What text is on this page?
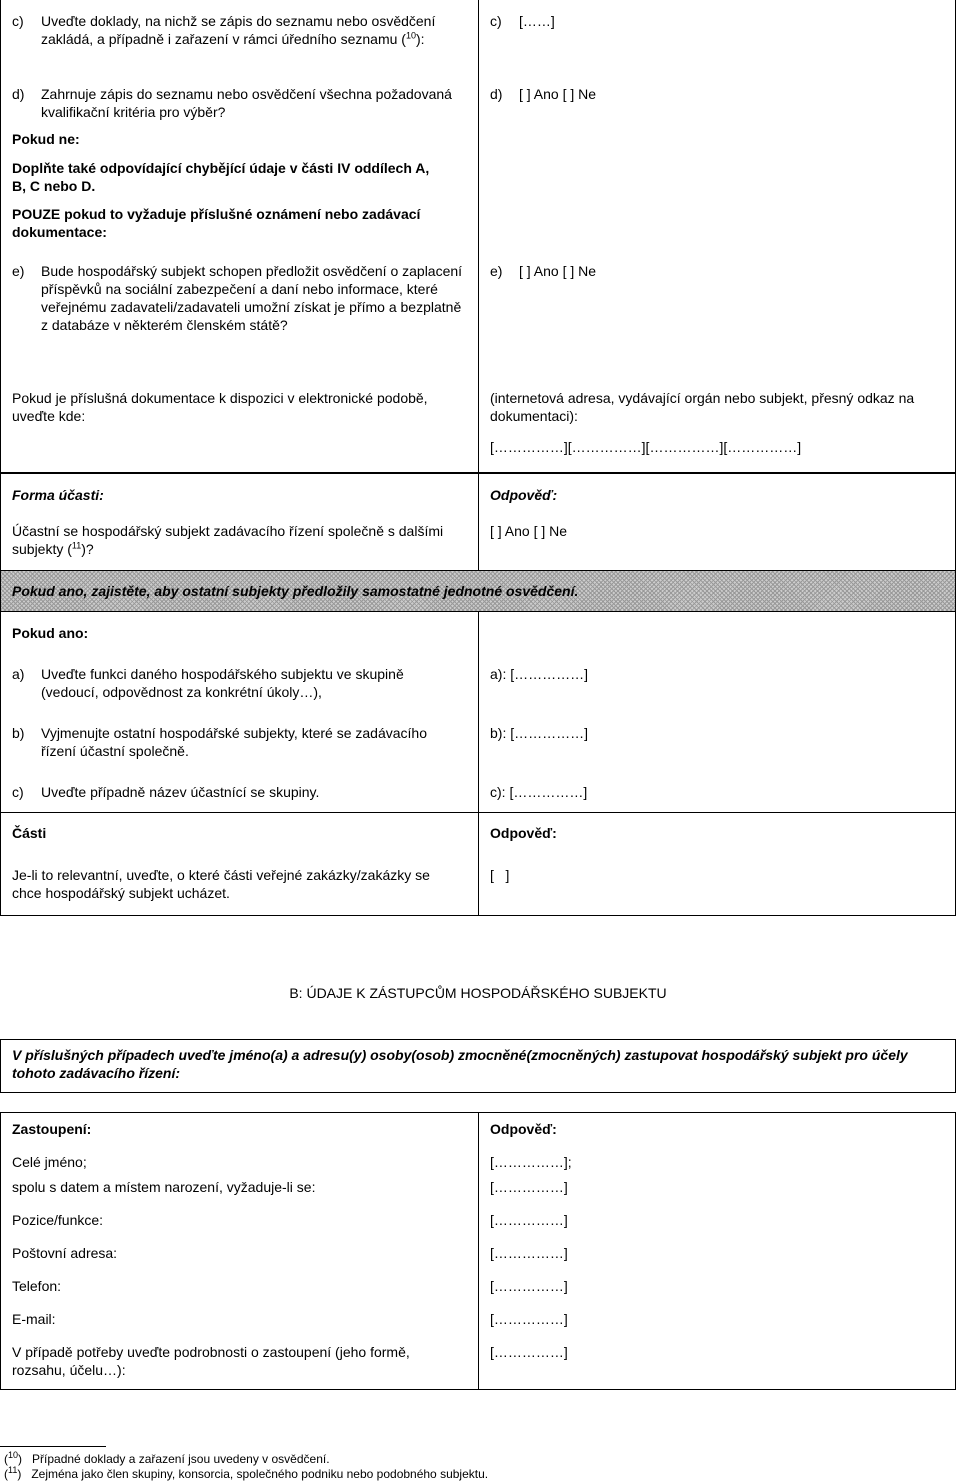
c) Uveďte doklady, na nichž se zápis do seznamu nebo osvědčení zakládá, a případně i zařazení v rámci úředního seznamu ($^{10}$):
c) [……]
d) Zahrnuje zápis do seznamu nebo osvědčení všechna požadovaná kvalifikační kritéria pro výběr?
d) [ ] Ano [ ] Ne
Pokud ne:
Doplňte také odpovídající chybějící údaje v části IV oddílech A, B, C nebo D.
POUZE pokud to vyžaduje příslušné oznámení nebo zadávací dokumentace:
e) Bude hospodářský subjekt schopen předložit osvědčení o zaplacení příspěvků na sociální zabezpečení a daní nebo informace, které veřejnému zadavateli/zadavateli umožní získat je přímo a bezplatně z databáze v některém členském státě?
e) [ ] Ano [ ] Ne
Pokud je příslušná dokumentace k dispozici v elektronické podobě, uveďte kde:
(internetová adresa, vydávající orgán nebo subjekt, přesný odkaz na dokumentaci):
[……………][……………][……………][……………]
Forma účasti:	Odpověď:
Účastní se hospodářský subjekt zadávacího řízení společně s dalšími subjekty ($^{11}$)?
[ ] Ano [ ] Ne
Pokud ano, zajistěte, aby ostatní subjekty předložily samostatné jednotné osvědčení.
Pokud ano:
a) Uveďte funkci daného hospodářského subjektu ve skupině (vedoucí, odpovědnost za konkrétní úkoly…),
a): [……………]
b) Vyjmenujte ostatní hospodářské subjekty, které se zadávacího řízení účastní společně.
b): [……………]
c) Uveďte případně název účastnící se skupiny.	c): [……………]
Části	Odpověď:
Je-li to relevantní, uveďte, o které části veřejné zakázky/zakázky se chce hospodářský subjekt ucházet.
[   ]
B: ÚDAJE K ZÁSTUPCŮM HOSPODÁŘSKÉHO SUBJEKTU
V příslušných případech uveďte jméno(a) a adresu(y) osoby(osob) zmocněné(zmocněných) zastupovat hospodářský subjekt pro účely tohoto zadávacího řízení:
Zastoupení:	Odpověď:
Celé jméno;	[……………];
spolu s datem a místem narození, vyžaduje-li se:	[……………]
Pozice/funkce:	[……………]
Poštovní adresa:	[……………]
Telefon:	[……………]
E-mail:	[……………]
V případě potřeby uveďte podrobnosti o zastoupení (jeho formě, rozsahu, účelu…):
[……………]
($^{10}$)   Případné doklady a zařazení jsou uvedeny v osvědčení.
($^{11}$)   Zejména jako člen skupiny, konsorcia, společného podniku nebo podobného subjektu.
